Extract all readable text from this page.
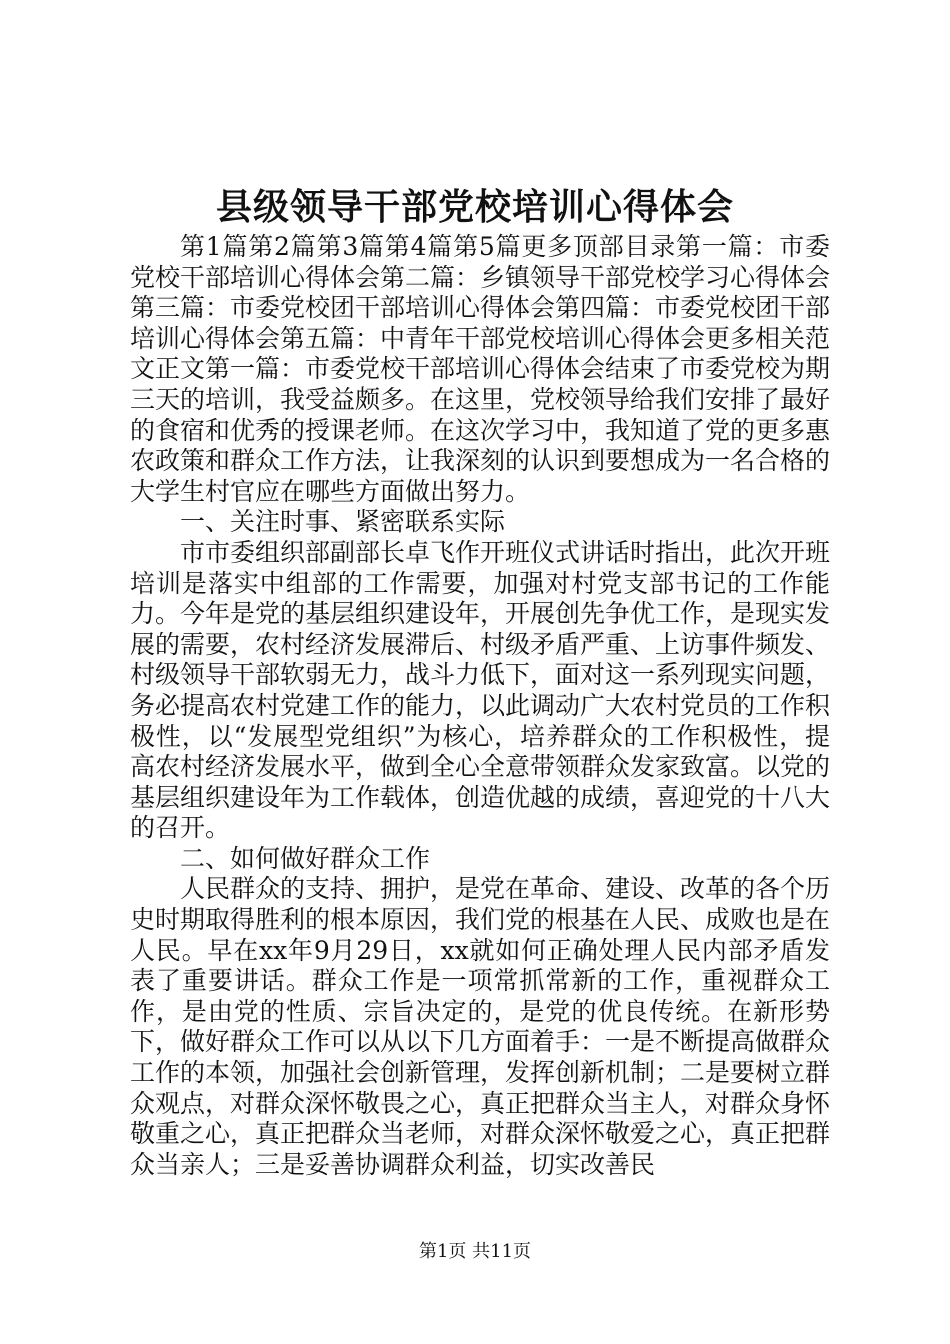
县级领导干部党校培训心得体会

第1篇第2篇第3篇第4篇第5篇更多顶部目录第一篇：市委党校干部培训心得体会第二篇：乡镇领导干部党校学习心得体会第三篇：市委党校团干部培训心得体会第四篇：市委党校团干部培训心得体会第五篇：中青年干部党校培训心得体会更多相关范文正文第一篇：市委党校干部培训心得体会结束了市委党校为期三天的培训，我受益颇多。在这里，党校领导给我们安排了最好的食宿和优秀的授课老师。在这次学习中，我知道了党的更多惠农政策和群众工作方法，让我深刻的认识到要想成为一名合格的大学生村官应在哪些方面做出努力。

一、关注时事、紧密联系实际

市市委组织部副部长卓飞作开班仪式讲话时指出，此次开班培训是落实中组部的工作需要，加强对村党支部书记的工作能力。今年是党的基层组织建设年，开展创先争优工作，是现实发展的需要，农村经济发展滞后、村级矛盾严重、上访事件频发、村级领导干部软弱无力，战斗力低下，面对这一系列现实问题，务必提高农村党建工作的能力，以此调动广大农村党员的工作积极性，以“发展型党组织”为核心，培养群众的工作积极性，提高农村经济发展水平，做到全心全意带领群众发家致富。以党的基层组织建设年为工作载体，创造优越的成绩，喜迎党的十八大的召开。

二、如何做好群众工作

人民群众的支持、拥护，是党在革命、建设、改革的各个历史时期取得胜利的根本原因，我们党的根基在人民、成败也是在人民。早在xx年9月29日，xx就如何正确处理人民内部矛盾发表了重要讲话。群众工作是一项常抓常新的工作，重视群众工作，是由党的性质、宗旨决定的，是党的优良传统。在新形势下，做好群众工作可以从以下几方面着手：一是不断提高做群众工作的本领，加强社会创新管理，发挥创新机制；二是要树立群众观点，对群众深怀敬畏之心，真正把群众当主人，对群众身怀敬重之心，真正把群众当老师，对群众深怀敬爱之心，真正把群众当亲人；三是妥善协调群众利益，切实改善民

第1页 共11页
